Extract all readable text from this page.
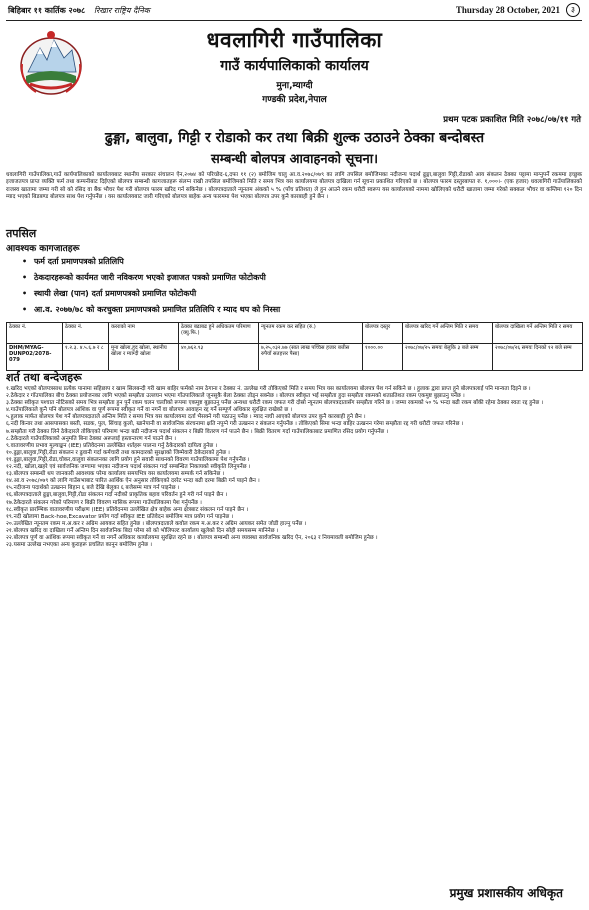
बिहिबार ११ कार्तिक २०७८ रिखार राष्ट्रिय दैनिक	Thursday 28 October, 2021	३
धवलागिरी गाउँपालिका
गाउँ कार्यपालिकाको कार्यालय
मुना,म्याग्दी
गण्डकी प्रदेश,नेपाल
प्रथम पटक प्रकाशित मिति २०७८/०७/११ गते
ढुङ्गा, बालुवा, गिट्टी र रोडाको कर तथा बिक्री शुल्क उठाउने ठेक्का बन्दोबस्त
सम्बन्धी बोलपत्र आवाहनको सूचना।
धवलागिरी गाउँपालिका,गाउँ कार्यपालिकाको कार्यालयबाट स्थानीय सरकार संचालन ऐन,२०७४ को परिच्छेद-६,दफा ११ (२) बमोजिम चालु आ.व.२०७८/०७९ का लागि तपसिल बमोजिमका नदीजन्य पदार्थ ढुङ्गा,बालुवा गिट्टी,रोडाको आय संकलन ठेक्का पट्टामा माग्नुपर्ने रकममा इच्छुक इजाजतपत्र प्राप्त व्यक्ति फर्म तथा कम्पनीबाट दिईएको बोलपत्र सम्बन्धी कागजातहरू संलग्न राखी तपसिल बमोजिमको मिति र समय भित्र यस कार्यालयमा बोलपत्र दाखिला गर्न सूचना प्रकाशित गरिएको छ । बोलपत्र फारम दस्तुरबापत रु. १,०००।- (एक हजार) धवलागिरी गाउँपालिकाको राजस्व खातामा जम्मा गरी सो को रसिद वा बैंक भौचर पेश गरी बोलपत्र फारम खरिद गर्न सकिनेछ । बोलपत्रदाताले न्यूनतम अंकको ५ % (पाँच प्रतिशत) ले हुन आउने रकम धरौटी स्वरूप यस कार्यालयको नाममा खोलिएको धरौटी खातामा जम्मा गरेको सक्कल भौचर वा कम्तिमा १२० दिन म्याद भएको बिडबण्ड बोलपत्र साथ पेश गर्नुपर्नेछ । यस कार्यालयबाट जारी गरिएको बोलपत्र बाहेक अन्य फारममा पेश भएका बोलपत्र उपर कुनै कारबाही हुने छैन ।
तपसिल
आवश्यक कागजातहरू
• फर्म दर्ता प्रमाणपत्रको प्रतिलिपि
• ठेकदारहरूको कार्यमत जारी नविकरण भएको इजाजत पत्रको प्रमाणित फोटोकपी
• स्थायी लेखा (पान) दर्ता प्रमाणपत्रको प्रमाणित फोटोकपी
• आ.व. २०७७/७८ को करचुक्ता प्रमाणपत्रको प्रमाणित प्रतिलिपि र म्याद थप को निस्सा
ठेक्का नं.	ठेक्का नं.	करराको नाम	ठेक्का बढाबढ हुने अधिकतम परिमाण (क्यु.फि.)	न्यूनतम रकम कर सहित (रु.)	बोलपत्र दस्तुर	बोलपत्र खरिद गर्ने अन्तिम मिति र समय	बोलपत्र दाखिला गर्ने अन्तिम मिति र समय
DHM/MYAG-DUNP02/2078-079	१.२.३. ४.५.६.७ र ८	मुना खोला,हुद खोला, स्थानीय खोला र म्याग्दी खोला	४०,७६२.९३	७,२५,०३२.७७ (सात लाख पच्चिस हजार बत्तीस रुपैयाँ सतहत्तर पैसा)	१०००.००	२०७८/०७/२५ समयः बेलुकि ३ बजे सम्म	२०७८/०७/२६ समयः दिनको १२ बजे सम्म
शर्त तथा बन्देजहरू
१.खरिद भएको बोलपत्रसाथ प्रत्येक पानामा सहिछाप र खाम सिलबन्दी गरी खाम बाहिर फर्मको नाम ठेगाना र ठेक्का नं. उल्लेख गरी तोकिएको मिति र समय भित्र यस कार्यालयमा बोलपत्र पेश गर्न सकिने छ । हुलाक द्वारा प्राप्त हुने बोलपत्रलाई पनि मान्यता दिइने छ ।
२.ठेकेदार र गाँउपालिका बीच ठेक्का प्रयोजनका लागि भएको सम्झौता उल्लघन भएमा गाँउपालिकाले जुनसुकै बेला ठेक्का तोड्न सक्नेछ । बोलपत्र स्वीकृत भई सम्झौता हुदा सम्झौता रकमको शतप्रतिशत रकम एकमुष्ट बुझाउनु पर्नेछ ।
३.ठेक्का स्वीकृत पश्चात नोटिसको समय भित्र सम्झौता हुन पुर्ने रकम चलन चल्तीको रूपमा एकमुष्ट बुझाउनु पर्नेछ अन्यथा धरौटी रकम जफत गरी दोस्रो न्यूनतम बोलपत्रदातासँग सम्झौता गरिने छ । जम्मा रकमको ५० % भन्दा बढी रकम बाँकी रहेमा ठेक्का स्वतः रद्द हुनेछ ।
४.गाउँपालिकाले कुनै पनि बोलपत्र आंशिक वा पूर्ण रूपमा स्वीकृत गर्ने वा नगर्ने वा बोलपत्र आवाहन रद्द गर्ने सम्पूर्ण अधिकार सुरक्षित राखेको छ ।
५.हुलाक मार्फत बोलपत्र पेश गर्ने बोलपत्रदाताले अन्तिम मिति र समय भित्र यस कार्यालयमा दर्ता भैसक्ने गरी पठाउनु पर्नेछ । म्याद नाघी आएको बोलपत्र उपर कुनै कारबाही हुने छैन ।
६.नदी किनार तथा आसपासका बस्ती, सडक, पुल, सिंचाइ कुलो, खानेपानी वा सार्वजनिक संरचनामा क्षति नपुग्ने गरी उत्खनन र संकलन गर्नुपर्नेछ । तोकिएको सिमा भन्दा बाहिर उत्खनन गरेमा सम्झौता रद्द गरी धरौटी जफत गरिनेछ ।
७.सम्झौता गरी ठेक्का लिने ठेकेदारले तोकिएको परिमाण भन्दा बढी नदीजन्य पदार्थ संकलन र बिक्री वितरण गर्न पाउने छैन । बिक्री वितरण गर्दा गाउँपालिकाबाट प्रमाणित रसिद प्रयोग गर्नुपर्नेछ ।
८.ठेकेदारले गाउँपालिकाको अनुमति बिना ठेक्का अरूलाई हस्तान्तरण गर्न पाउने छैन ।
९.वातावरणीय प्रभाव मूल्याङ्कन (IEE) प्रतिवेदनमा उल्लेखित शर्तहरू पालना गर्नु ठेकेदारको दायित्व हुनेछ ।
१०.ढुङ्गा,बालुवा,गिट्टी,रोडा संकलन र ढुवानी गर्दा कर्मचारी तथा कामदारको सुरक्षाको जिम्मेवारी ठेकेदारको हुनेछ ।
११.ढुङ्गा,बालुवा,गिट्टी,रोडा,चोकर,वालुवा संकलनका लागि प्रयोग हुने सवारी साधनको विवरण गाउँपालिकामा पेश गर्नुपर्नेछ ।
१२.नदी, खोला,खहरे एवं सार्वजनिक जग्गामा भएका नदीजन्य पदार्थ संकलन गर्दा सम्बन्धित निकायको स्वीकृति लिनुपर्नेछ ।
१३.बोलपत्र सम्बन्धी थप जानकारी आवश्यक परेमा कार्यालय समयभित्र यस कार्यालयमा सम्पर्क गर्न सकिनेछ ।
१४.आ.व २०७८/०७९ को लागि गाउँसभाबाट पारित आर्थिक ऐन अनुसार तोकिएको दररेट भन्दा बढी दरमा बिक्री गर्न पाइने छैन ।
१५.नदीजन्य पदार्थको उत्खनन बिहान ६ बजे देखि बेलुका ६ बजेसम्म मात्र गर्न पाइनेछ ।
१६.बोलपत्रदाताले ढुङ्गा,बालुवा,गिट्टी,रोडा संकलन गर्दा नदीको प्राकृतिक बहाव परिवर्तन हुने गरी गर्न पाइने छैन ।
१७.ठेकेदारले संकलन गरेको परिमाण र बिक्री विवरण मासिक रूपमा गाउँपालिकामा पेश गर्नुपर्नेछ ।
१८.स्वीकृत प्रारम्भिक वातावरणीय परीक्षण (IEE) प्रतिवेदनमा उल्लेखित क्षेत्र बाहेक अन्य क्षेत्रबाट संकलन गर्न पाइने छैन ।
१९.नदी खोलामा Back-hoe,Excavator प्रयोग गर्दा स्वीकृत IEE प्रतिवेदन बमोजिम मात्र प्रयोग गर्न पाइनेछ ।
२०.उल्लेखित न्यूनतम रकम म.अ.कर र अग्रिम आयकर सहित हुनेछ । बोलपत्रदाताले कवोल रकम म.अ.कर र अग्रिम आयकर समेत जोडी हाल्नु पर्नेछ ।
२१.बोलपत्र खरिद वा दाखिला गर्ने अन्तिम दिन सार्वजनिक बिदा परेमा सो को भोलिपल्ट कार्यालय खुलेको दिन सोही समयसम्म मानिनेछ ।
२२.बोलपत्र पूर्ण वा आंशिक रूपमा स्वीकृत गर्ने वा नगर्ने अधिकार कार्यालयमा सुरक्षित रहने छ । बोलपत्र सम्बन्धी अन्य व्यवस्था सार्वजनिक खरिद ऐन, २०६३ र नियमावली बमोजिम हुनेछ ।
२३.यसमा उल्लेख नभएका अन्य कुराहरू प्रचलित कानून बमोजिम हुनेछ ।
प्रमुख प्रशासकीय अधिकृत
